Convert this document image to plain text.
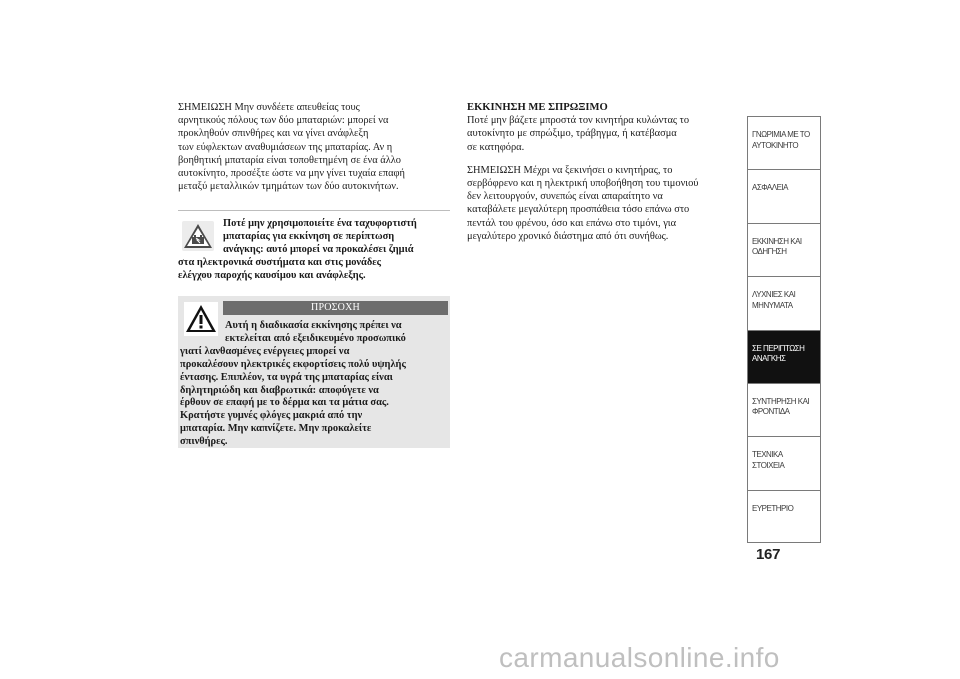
ΣΗΜΕΙΩΣΗ Μην συνδέετε απευθείας τους

αρνητικούς πόλους των δύο μπαταριών: μπορεί να

προκληθούν σπινθήρες και να γίνει ανάφλεξη

των εύφλεκτων αναθυμιάσεων της μπαταρίας. Αν η

βοηθητική μπαταρία είναι τοποθετημένη σε ένα άλλο

αυτοκίνητο, προσέξτε ώστε να μην γίνει τυχαία επαφή

μεταξύ μεταλλικών τμημάτων των δύο αυτοκινήτων.

Ποτέ μην χρησιμοποιείτε ένα ταχυφορτιστή
μπαταρίας για εκκίνηση σε περίπτωση
ανάγκης: αυτό μπορεί να προκαλέσει ζημιά
στα ηλεκτρονικά συστήματα και στις μονάδες
ελέγχου παροχής καυσίμου και ανάφλεξης.
ΠΡΟΣΟΧΗ
Αυτή η διαδικασία εκκίνησης πρέπει να
εκτελείται από εξειδικευμένο προσωπικό
γιατί λανθασμένες ενέργειες μπορεί να
προκαλέσουν ηλεκτρικές εκφορτίσεις πολύ υψηλής
έντασης. Επιπλέον, τα υγρά της μπαταρίας είναι
δηλητηριώδη και διαβρωτικά: αποφύγετε να
έρθουν σε επαφή με το δέρμα και τα μάτια σας.
Κρατήστε γυμνές φλόγες μακριά από την
μπαταρία. Μην καπνίζετε. Μην προκαλείτε
σπινθήρες.

ΕΚΚΙΝΗΣΗ ΜΕ ΣΠΡΩΞΙΜΟ

Ποτέ μην βάζετε μπροστά τον κινητήρα κυλώντας το

αυτοκίνητο με σπρώξιμο, τράβηγμα, ή κατέβασμα

σε κατηφόρα.

ΣΗΜΕΙΩΣΗ Μέχρι να ξεκινήσει ο κινητήρας, το

σερβόφρενο και η ηλεκτρική υποβοήθηση του τιμονιού

δεν λειτουργούν, συνεπώς είναι απαραίτητο να

καταβάλετε μεγαλύτερη προσπάθεια τόσο επάνω στο

πεντάλ του φρένου, όσο και επάνω στο τιμόνι, για

μεγαλύτερο χρονικό διάστημα από ότι συνήθως.

ΓΝΩΡΙΜΙΑ ΜΕ ΤΟ
ΑΥΤΟΚΙΝΗΤΟ
ΑΣΦΑΛΕΙΑ
ΕΚΚΙΝΗΣΗ ΚΑΙ
ΟΔΗΓΗΣΗ
ΛΥΧΝΙΕΣ ΚΑΙ
ΜΗΝΥΜΑΤΑ
ΣΕ ΠΕΡΙΠΤΩΣΗ
ΑΝΑΓΚΗΣ
ΣΥΝΤΗΡΗΣΗ ΚΑΙ
ΦΡΟΝΤΙΔΑ
ΤΕΧΝΙΚΑ ΣΤΟΙΧΕΙΑ
ΕΥΡΕΤΗΡΙΟ
167
carmanualsonline.info
